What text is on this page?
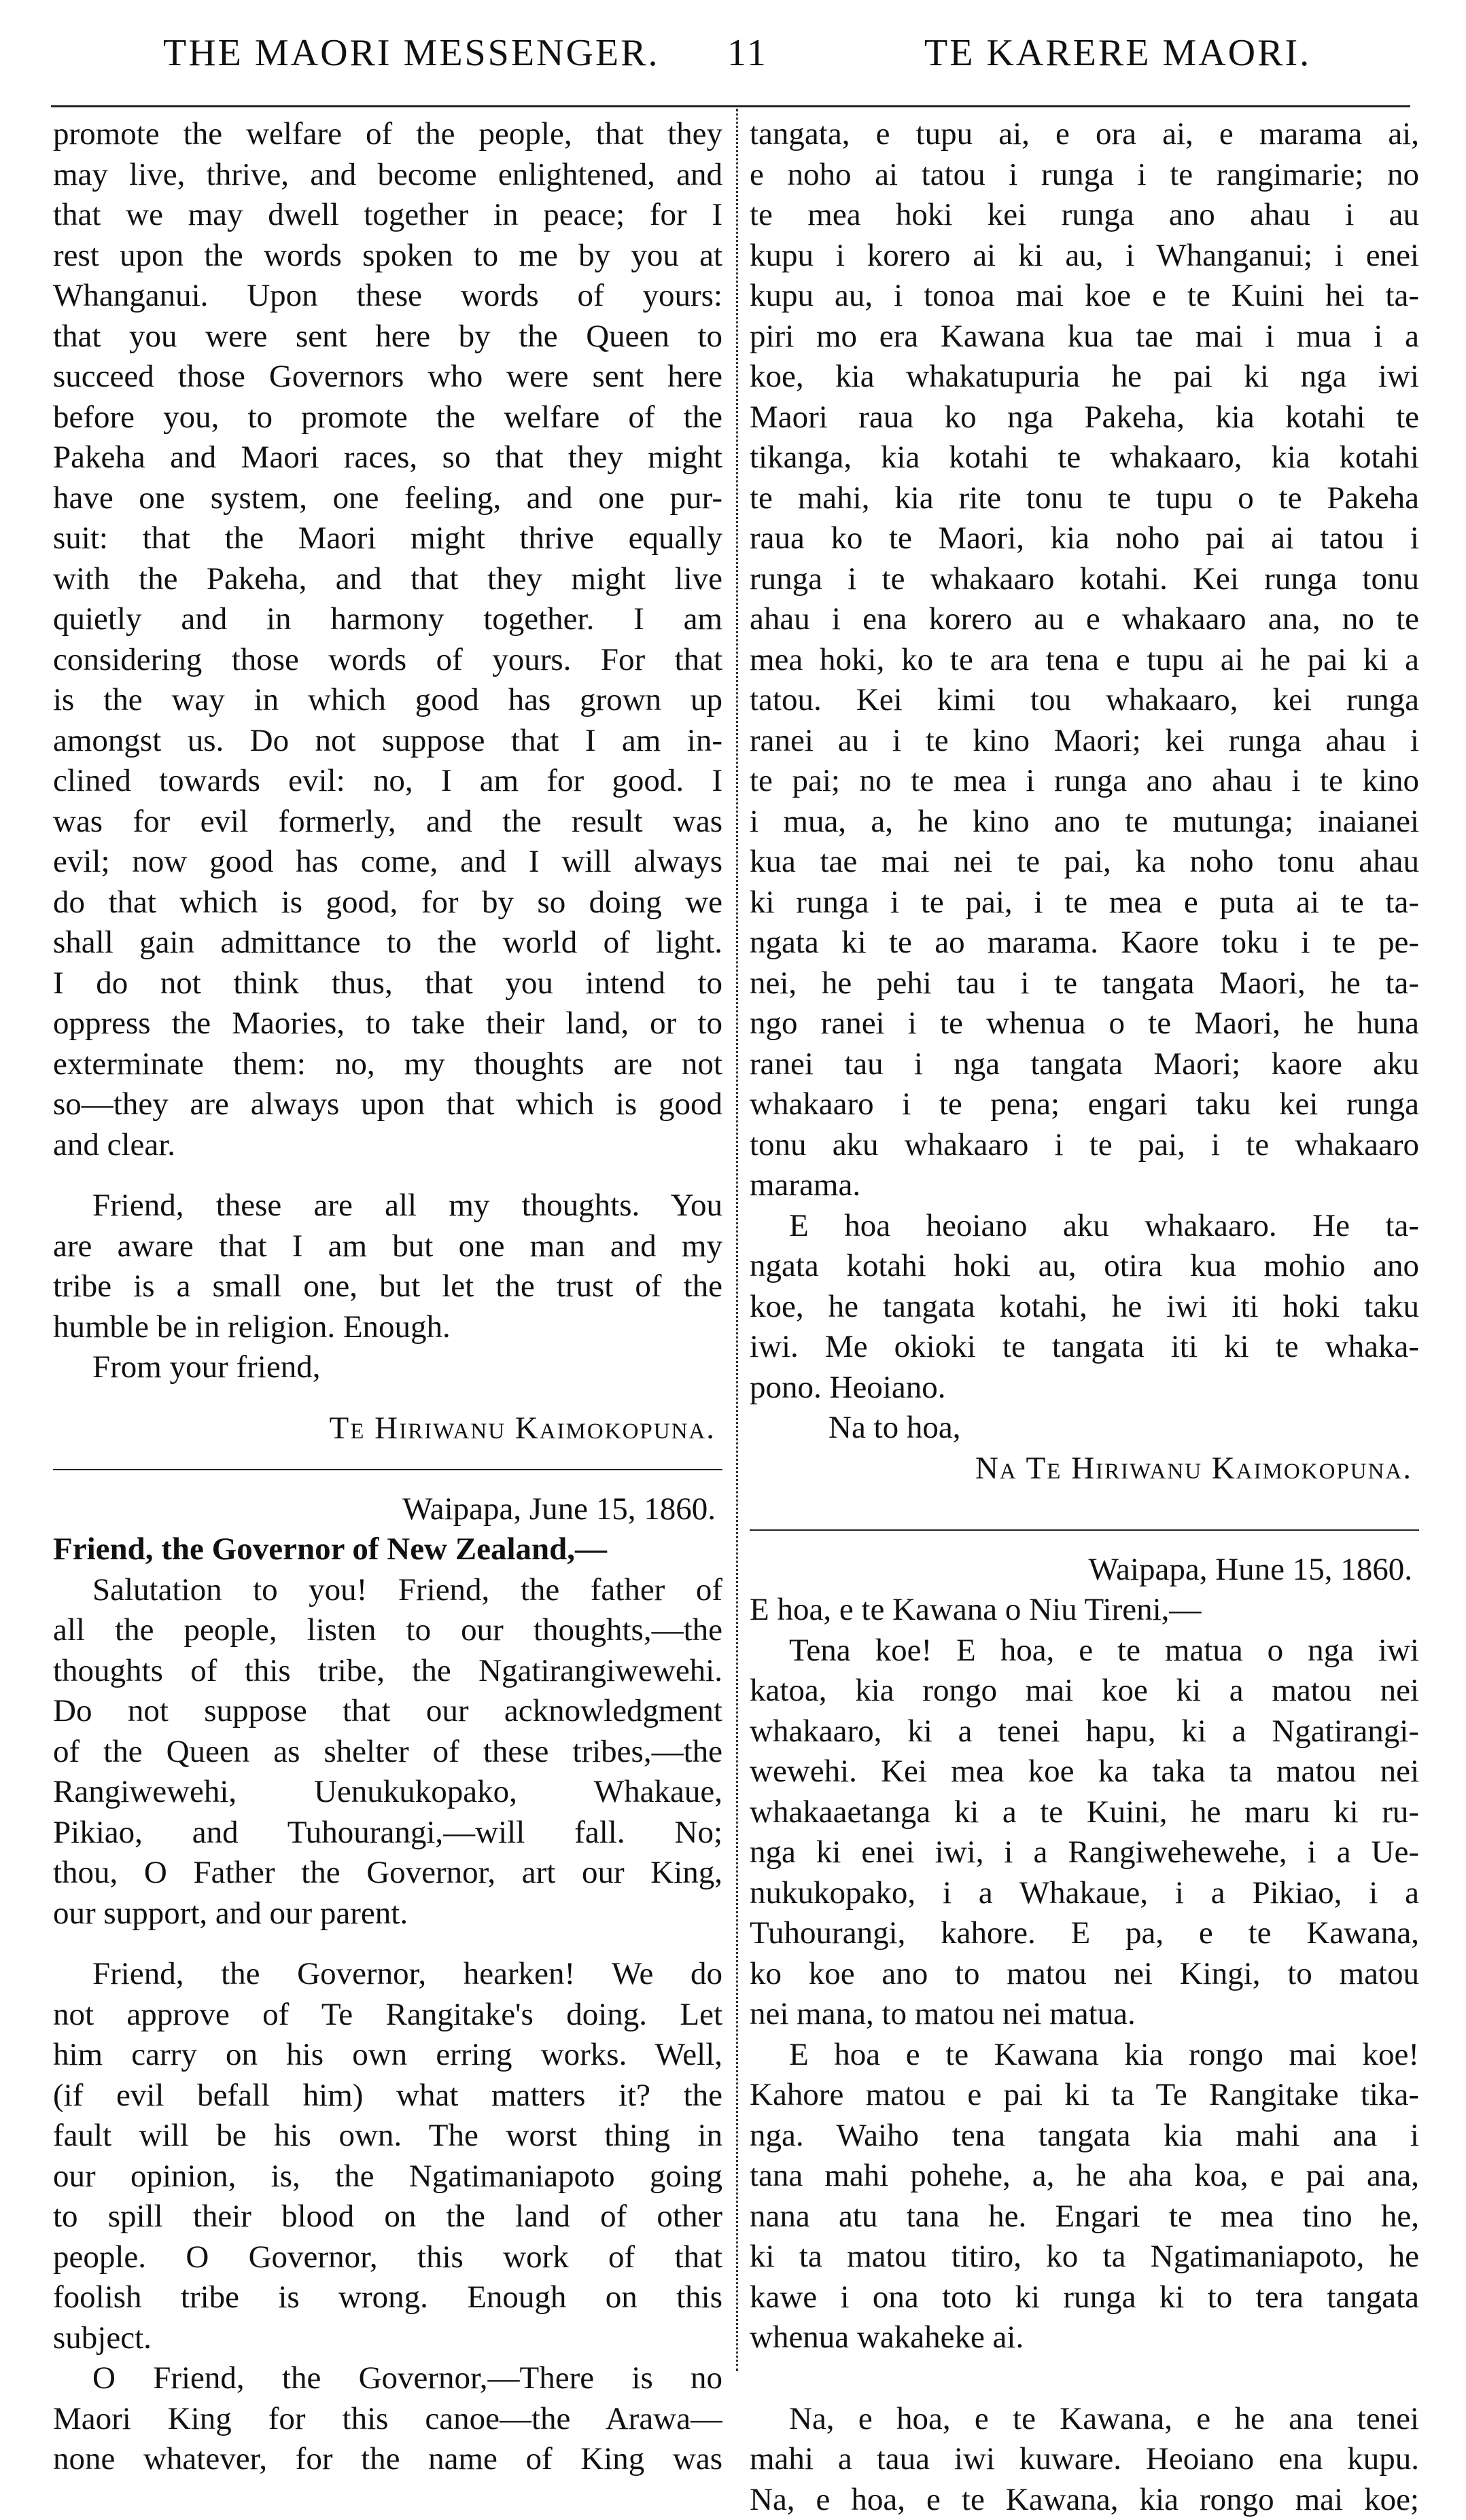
THE MAORI MESSENGER. 11	TE KARERE MAORI.
promote the welfare of the people, that they
may live, thrive, and become enlightened, and
that we may dwell together in peace; for I
rest upon the words spoken to me by you at
Whanganui. Upon these words of yours:
that you were sent here by the Queen to
succeed those Governors who were sent here
before you, to promote the welfare of the
Pakeha and Maori races, so that they might
have one system, one feeling, and one pur-
suit: that the Maori might thrive equally
with the Pakeha, and that they might live
quietly and in harmony together. I am
considering those words of yours. For that
is the way in which good has grown up
amongst us. Do not suppose that I am in-
clined towards evil: no, I am for good. I
was for evil formerly, and the result was
evil; now good has come, and I will always
do that which is good, for by so doing we
shall gain admittance to the world of light.
I do not think thus, that you intend to
oppress the Maories, to take their land, or to
exterminate them: no, my thoughts are not
so—they are always upon that which is good
and clear.
Friend, these are all my thoughts. You
are aware that I am but one man and my
tribe is a small one, but let the trust of the
humble be in religion. Enough.
From your friend,
Te Hiriwanu Kaimokopuna.
Waipapa, June 15, 1860.
Friend, the Governor of New Zealand,—
Salutation to you! Friend, the father of
all the people, listen to our thoughts,—the
thoughts of this tribe, the Ngatirangiwewehi.
Do not suppose that our acknowledgment
of the Queen as shelter of these tribes,—the
Rangiwewehi, Uenukukopako, Whakaue,
Pikiao, and Tuhourangi,—will fall. No;
thou, O Father the Governor, art our King,
our support, and our parent.
Friend, the Governor, hearken! We do
not approve of Te Rangitake's doing. Let
him carry on his own erring works. Well,
(if evil befall him) what matters it? the
fault will be his own. The worst thing in
our opinion, is, the Ngatimaniapoto going
to spill their blood on the land of other
people. O Governor, this work of that
foolish tribe is wrong. Enough on this
subject.
O Friend, the Governor,—There is no
Maori King for this canoe—the Arawa—
none whatever, for the name of King was
tangata, e tupu ai, e ora ai, e marama ai,
e noho ai tatou i runga i te rangimarie; no
te mea hoki kei runga ano ahau i au
kupu i korero ai ki au, i Whanganui; i enei
kupu au, i tonoa mai koe e te Kuini hei ta-
piri mo era Kawana kua tae mai i mua i a
koe, kia whakatupuria he pai ki nga iwi
Maori raua ko nga Pakeha, kia kotahi te
tikanga, kia kotahi te whakaaro, kia kotahi
te mahi, kia rite tonu te tupu o te Pakeha
raua ko te Maori, kia noho pai ai tatou i
runga i te whakaaro kotahi. Kei runga tonu
ahau i ena korero au e whakaaro ana, no te
mea hoki, ko te ara tena e tupu ai he pai ki a
tatou. Kei kimi tou whakaaro, kei runga
ranei au i te kino Maori; kei runga ahau i
te pai; no te mea i runga ano ahau i te kino
i mua, a, he kino ano te mutunga; inaianei
kua tae mai nei te pai, ka noho tonu ahau
ki runga i te pai, i te mea e puta ai te ta-
ngata ki te ao marama. Kaore toku i te pe-
nei, he pehi tau i te tangata Maori, he ta-
ngo ranei i te whenua o te Maori, he huna
ranei tau i nga tangata Maori; kaore aku
whakaaro i te pena; engari taku kei runga
tonu aku whakaaro i te pai, i te whakaaro
marama.
E hoa heoiano aku whakaaro. He ta-
ngata kotahi hoki au, otira kua mohio ano
koe, he tangata kotahi, he iwi iti hoki taku
iwi. Me okioki te tangata iti ki te whaka-
pono. Heoiano.
Na to hoa,
Na Te Hiriwanu Kaimokopuna.
Waipapa, Hune 15, 1860.
E hoa, e te Kawana o Niu Tireni,—
Tena koe! E hoa, e te matua o nga iwi
katoa, kia rongo mai koe ki a matou nei
whakaaro, ki a tenei hapu, ki a Ngatirangi-
wewehi. Kei mea koe ka taka ta matou nei
whakaaetanga ki a te Kuini, he maru ki ru-
nga ki enei iwi, i a Rangiwehewehe, i a Ue-
nukukopako, i a Whakaue, i a Pikiao, i a
Tuhourangi, kahore. E pa, e te Kawana,
ko koe ano to matou nei Kingi, to matou
nei mana, to matou nei matua.
E hoa e te Kawana kia rongo mai koe!
Kahore matou e pai ki ta Te Rangitake tika-
nga. Waiho tena tangata kia mahi ana i
tana mahi pohehe, a, he aha koa, e pai ana,
nana atu tana he. Engari te mea tino he,
ki ta matou titiro, ko ta Ngatimaniapoto, he
kawe i ona toto ki runga ki to tera tangata
whenua wakaheke ai.
Na, e hoa, e te Kawana, e he ana tenei
mahi a taua iwi kuware. Heoiano ena kupu.
Na, e hoa, e te Kawana, kia rongo mai koe;
